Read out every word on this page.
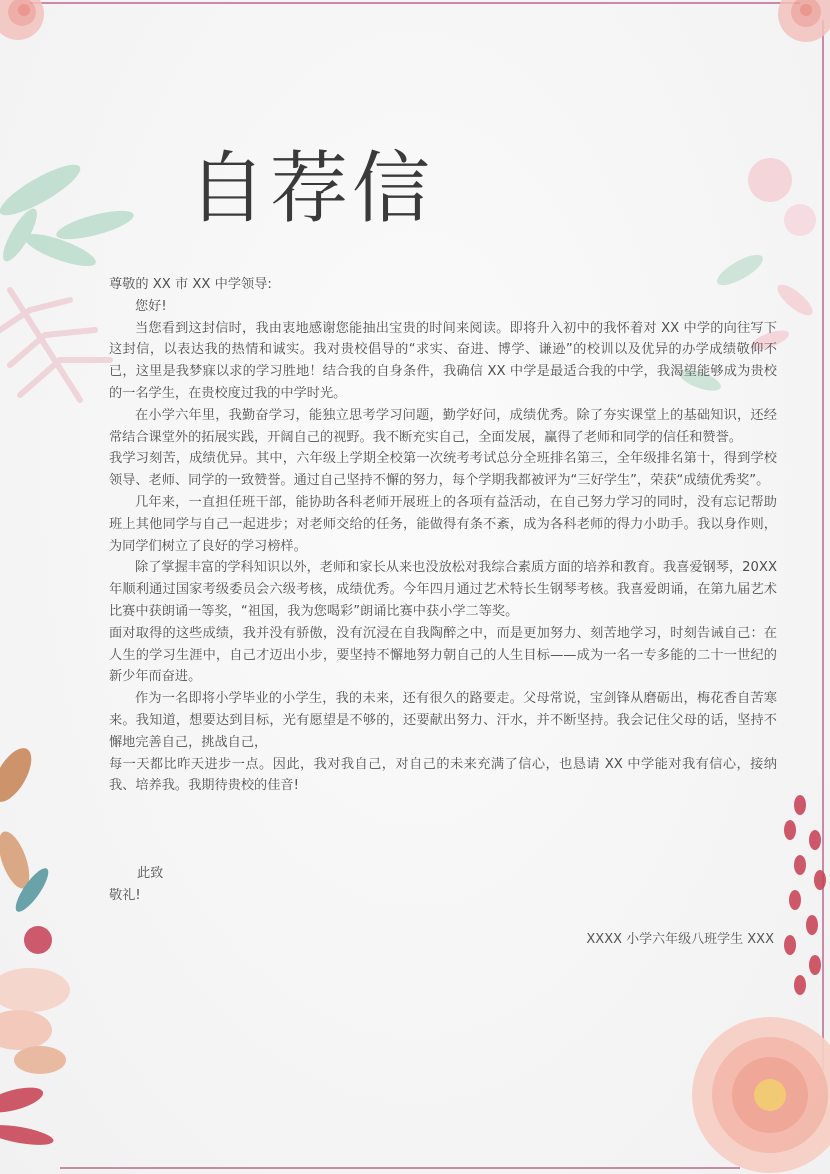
自荐信

尊敬的 XX 市 XX 中学领导:

您好!

当您看到这封信时，我由衷地感谢您能抽出宝贵的时间来阅读。即将升入初中的我怀着对 XX 中学的向往写下这封信，以表达我的热情和诚实。我对贵校倡导的“求实、奋进、博学、谦逊”的校训以及优异的办学成绩敬仰不已，这里是我梦寐以求的学习胜地！结合我的自身条件，我确信 XX 中学是最适合我的中学，我渴望能够成为贵校的一名学生，在贵校度过我的中学时光。

在小学六年里，我勤奋学习，能独立思考学习问题，勤学好问，成绩优秀。除了夯实课堂上的基础知识，还经常结合课堂外的拓展实践，开阔自己的视野。我不断充实自己，全面发展，赢得了老师和同学的信任和赞誉。

我学习刻苦，成绩优异。其中，六年级上学期全校第一次统考考试总分全班排名第三，全年级排名第十，得到学校领导、老师、同学的一致赞誉。通过自己坚持不懈的努力，每个学期我都被评为“三好学生”，荣获“成绩优秀奖”。

几年来，一直担任班干部，能协助各科老师开展班上的各项有益活动，在自己努力学习的同时，没有忘记帮助班上其他同学与自己一起进步；对老师交给的任务，能做得有条不紊，成为各科老师的得力小助手。我以身作则，为同学们树立了良好的学习榜样。

除了掌握丰富的学科知识以外，老师和家长从来也没放松对我综合素质方面的培养和教育。我喜爱钢琴，20XX 年顺利通过国家考级委员会六级考核，成绩优秀。今年四月通过艺术特长生钢琴考核。我喜爱朗诵，在第九届艺术比赛中获朗诵一等奖，“祖国，我为您喝彩”朗诵比赛中获小学二等奖。

面对取得的这些成绩，我并没有骄傲，没有沉浸在自我陶醉之中，而是更加努力、刻苦地学习，时刻告诫自己：在人生的学习生涯中，自己才迈出小步，要坚持不懈地努力朝自己的人生目标——成为一名一专多能的二十一世纪的新少年而奋进。

作为一名即将小学毕业的小学生，我的未来，还有很久的路要走。父母常说，宝剑锋从磨砺出，梅花香自苦寒来。我知道，想要达到目标，光有愿望是不够的，还要献出努力、汗水，并不断坚持。我会记住父母的话，坚持不懈地完善自己，挑战自己，

每一天都比昨天进步一点。因此，我对我自己，对自己的未来充满了信心，也恳请 XX 中学能对我有信心，接纳我、培养我。我期待贵校的佳音!

此致
敬礼!
XXXX 小学六年级八班学生 XXX
